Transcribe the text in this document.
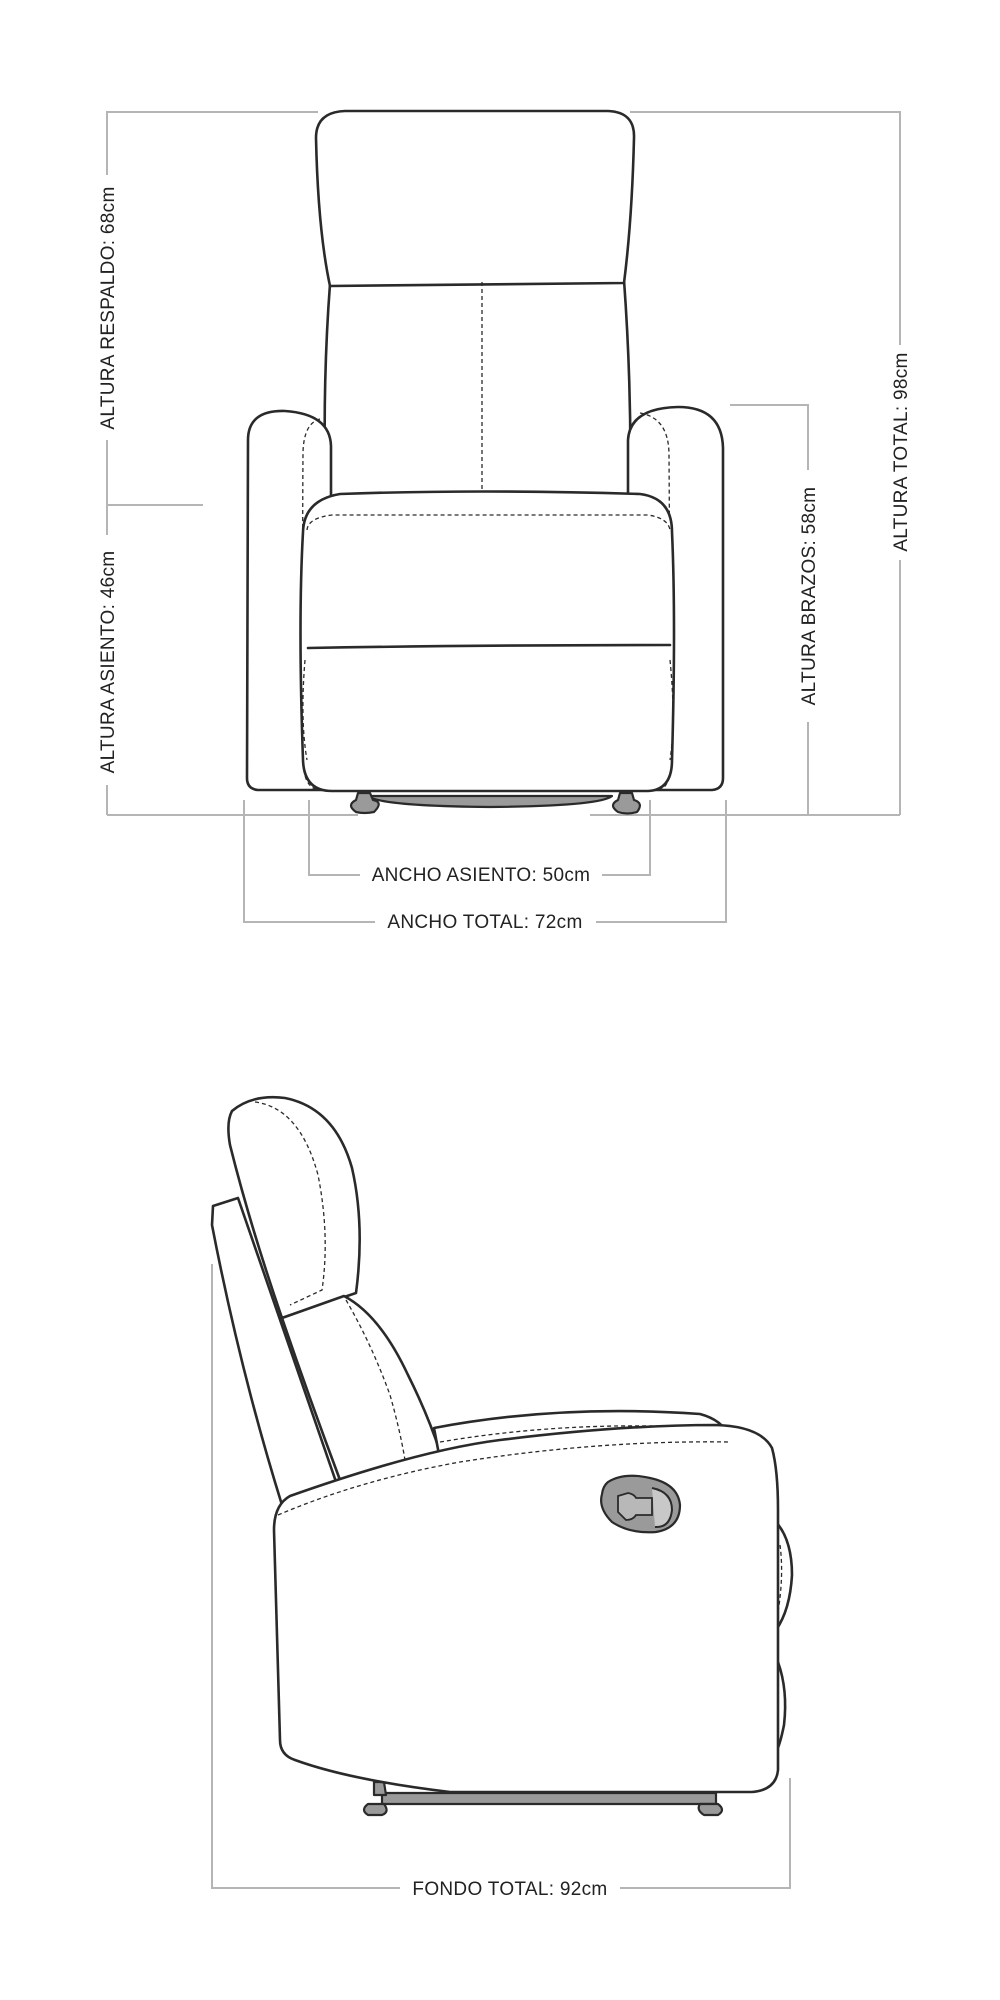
ALTURA RESPALDO: 68cm
ALTURA ASIENTO: 46cm
ALTURA TOTAL: 98cm
ALTURA BRAZOS: 58cm
ANCHO ASIENTO: 50cm
ANCHO TOTAL: 72cm
FONDO TOTAL: 92cm
